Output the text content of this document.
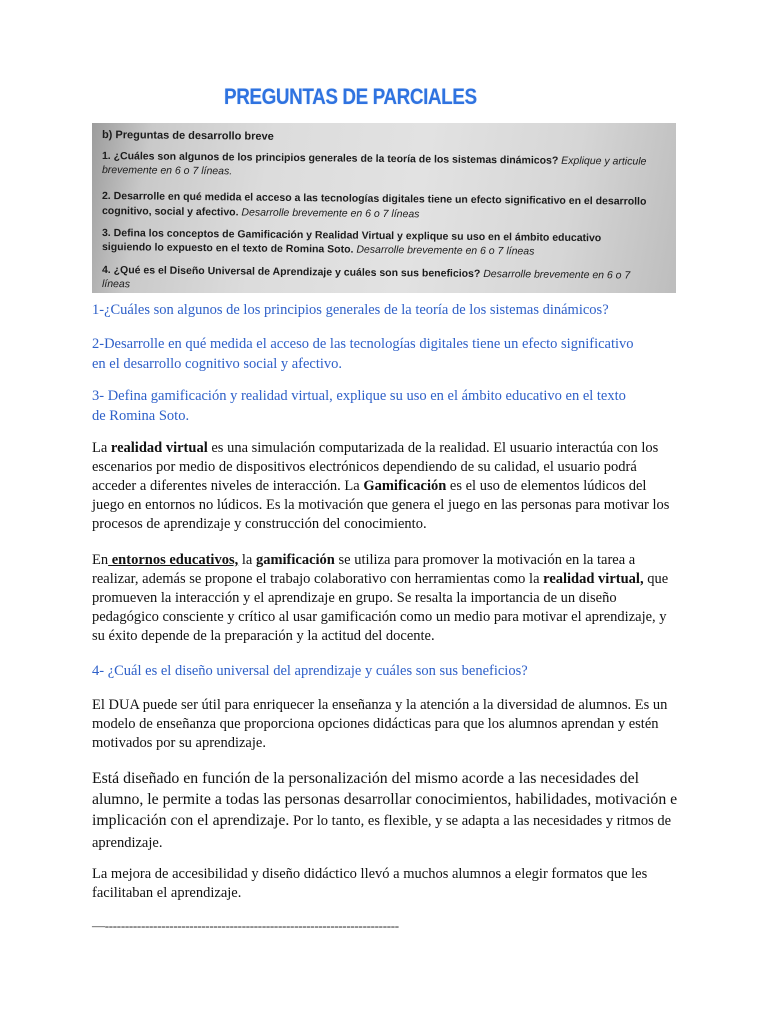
PREGUNTAS DE PARCIALES
b) Preguntas de desarrollo breve
1. ¿Cuáles son algunos de los principios generales de la teoría de los sistemas dinámicos? Explique y articule
brevemente en 6 o 7 líneas.
2. Desarrolle en qué medida el acceso a las tecnologías digitales tiene un efecto significativo en el desarrollo
cognitivo, social y afectivo. Desarrolle brevemente en 6 o 7 líneas
3. Defina los conceptos de Gamificación y Realidad Virtual y explique su uso en el ámbito educativo
siguiendo lo expuesto en el texto de Romina Soto. Desarrolle brevemente en 6 o 7 líneas
4. ¿Qué es el Diseño Universal de Aprendizaje y cuáles son sus beneficios? Desarrolle brevemente en 6 o 7
líneas
1-¿Cuáles son algunos de los principios generales de la teoría de los sistemas dinámicos?
2-Desarrolle en qué medida el acceso de las tecnologías digitales tiene un efecto significativo
en el desarrollo cognitivo social y afectivo.
3- Defina gamificación y realidad virtual, explique su uso en el ámbito educativo en el texto
de Romina Soto.
La realidad virtual es una simulación computarizada de la realidad. El usuario interactúa con los escenarios por medio de dispositivos electrónicos dependiendo de su calidad, el usuario podrá acceder a diferentes niveles de interacción. La Gamificación es el uso de elementos lúdicos del juego en entornos no lúdicos. Es la motivación que genera el juego en las personas para motivar los procesos de aprendizaje y construcción del conocimiento.
En entornos educativos, la gamificación se utiliza para promover la motivación en la tarea a realizar, además se propone el trabajo colaborativo con herramientas como la realidad virtual, que promueven la interacción y el aprendizaje en grupo. Se resalta la importancia de un diseño pedagógico consciente y crítico al usar gamificación como un medio para motivar el aprendizaje, y su éxito depende de la preparación y la actitud del docente.
4- ¿Cuál es el diseño universal del aprendizaje y cuáles son sus beneficios?
El DUA puede ser útil para enriquecer la enseñanza y la atención a la diversidad de alumnos. Es un modelo de enseñanza que proporciona opciones didácticas para que los alumnos aprendan y estén motivados por su aprendizaje.
Está diseñado en función de la personalización del mismo acorde a las necesidades del alumno, le permite a todas las personas desarrollar conocimientos, habilidades, motivación e implicación con el aprendizaje. Por lo tanto, es flexible, y se adapta a las necesidades y ritmos de aprendizaje.
La mejora de accesibilidad y diseño didáctico llevó a muchos alumnos a elegir formatos que les facilitaban el aprendizaje.
—-------------------------------------------------------------------------
